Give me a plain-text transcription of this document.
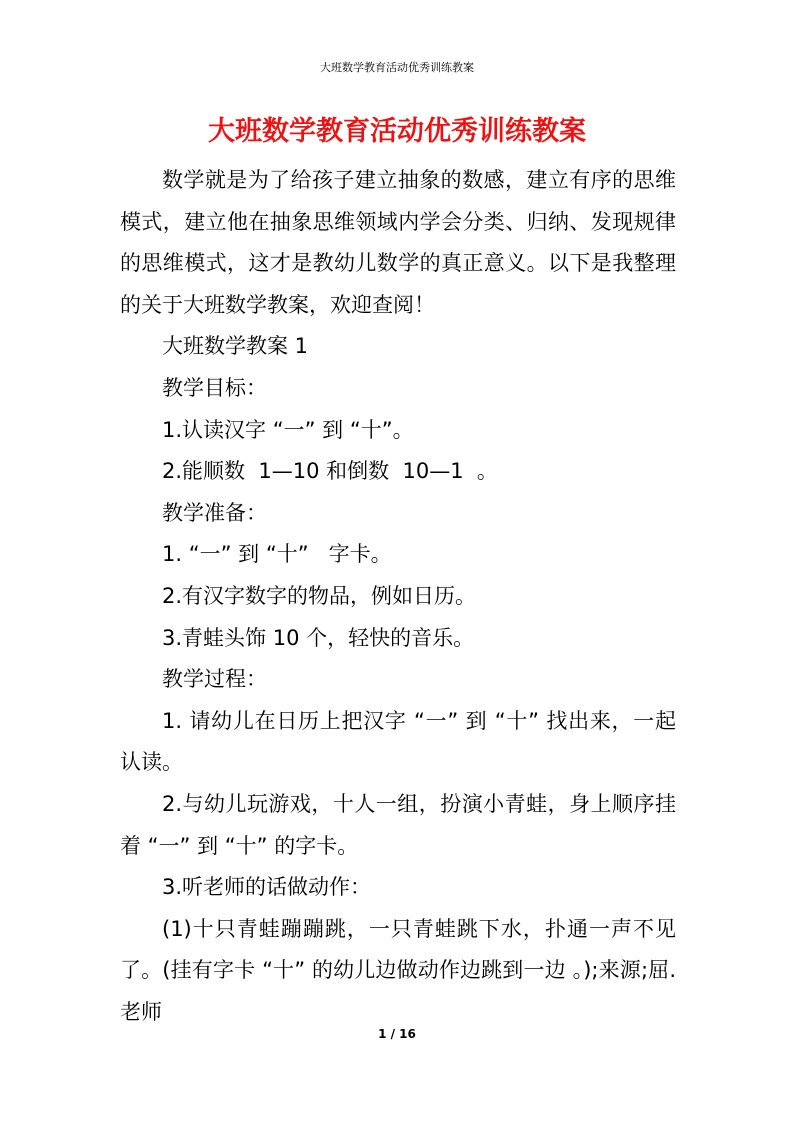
大班数学教育活动优秀训练教案
大班数学教育活动优秀训练教案

数学就是为了给孩子建立抽象的数感，建立有序的思维模式，建立他在抽象思维领域内学会分类、归纳、发现规律的思维模式，这才是教幼儿数学的真正意义。以下是我整理的关于大班数学教案，欢迎查阅！

大班数学教案 1

教学目标：

1.认读汉字 “一” 到 “十”。

2.能顺数  1—10 和倒数  10—1  。

教学准备：

1. “一” 到 “十”   字卡。

2.有汉字数字的物品，例如日历。

3.青蛙头饰 10 个，轻快的音乐。

教学过程：

1. 请幼儿在日历上把汉字 “一” 到 “十” 找出来，一起认读。

2.与幼儿玩游戏，十人一组，扮演小青蛙，身上顺序挂着 “一” 到 “十” 的字卡。

3.听老师的话做动作：

(1)十只青蛙蹦蹦跳，一只青蛙跳下水，扑通一声不见了。(挂有字卡 “十” 的幼儿边做动作边跳到一边 。);来源;屈.老师

1 / 16
